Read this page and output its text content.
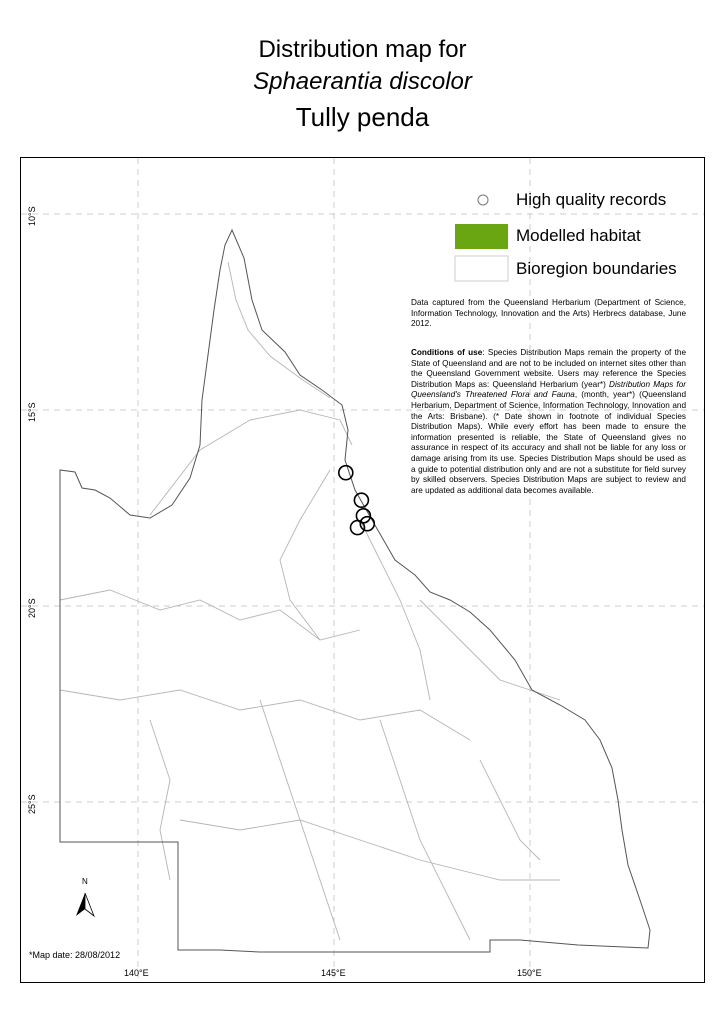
Distribution map for
Sphaerantia discolor
Tully penda
N
High quality records
Modelled habitat
Bioregion boundaries
Data captured from the Queensland Herbarium (Department of Science, Information Technology, Innovation and the Arts) Herbrecs database, June 2012.
Conditions of use: Species Distribution Maps remain the property of the State of Queensland and are not to be included on internet sites other than the Queensland Government website. Users may reference the Species Distribution Maps as: Queensland Herbarium (year*) Distribution Maps for Queensland's Threatened Flora and Fauna, (month, year*) (Queensland Herbarium, Department of Science, Information Technology, Innovation and the Arts: Brisbane). (* Date shown in footnote of individual Species Distribution Maps). While every effort has been made to ensure the information presented is reliable, the State of Queensland gives no assurance in respect of its accuracy and shall not be liable for any loss or damage arising from its use. Species Distribution Maps should be used as a guide to potential distribution only and are not a substitute for field survey by skilled observers. Species Distribution Maps are subject to review and are updated as additional data becomes available.
10°S
15°S
20°S
25°S
140°E	145°E	150°E
*Map date: 28/08/2012
